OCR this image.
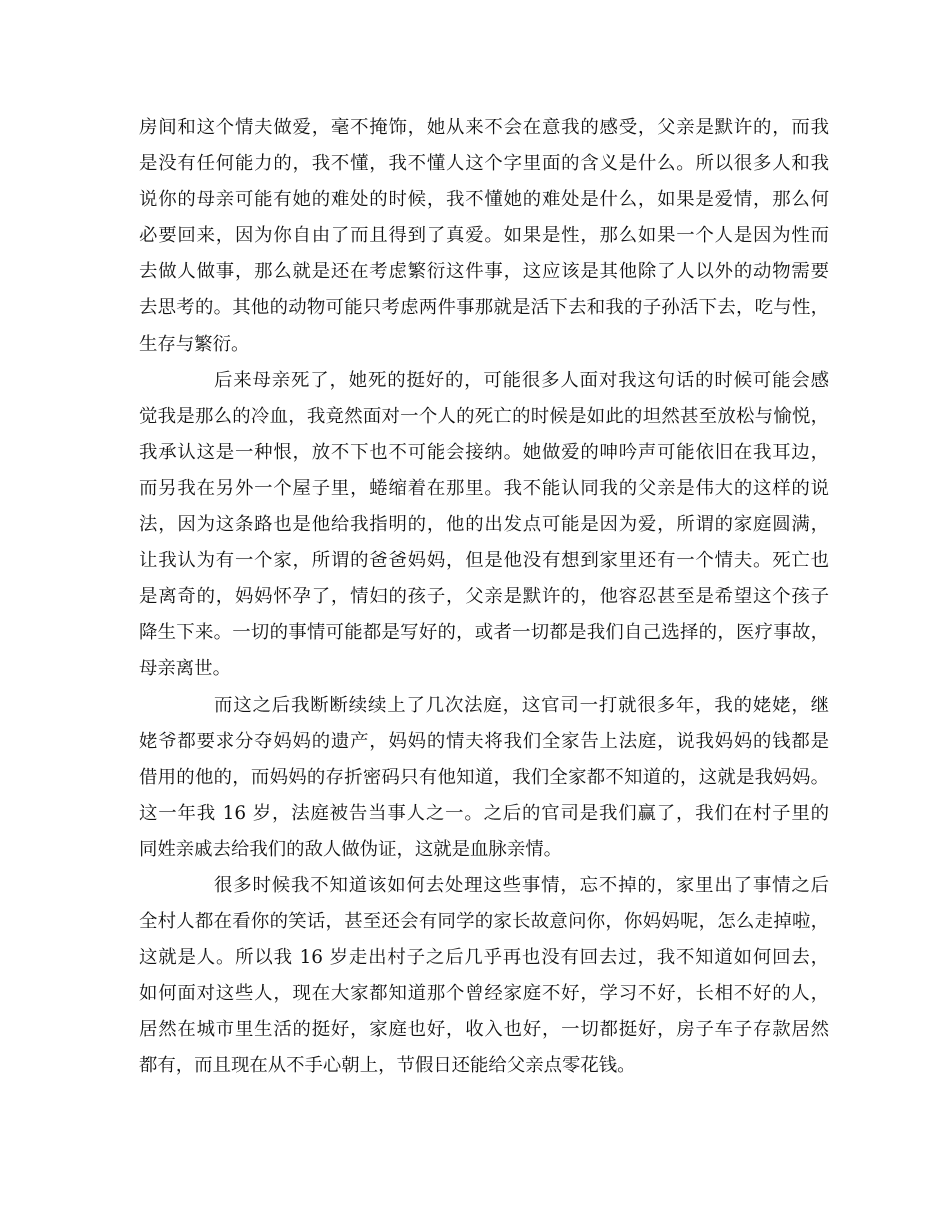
房间和这个情夫做爱，毫不掩饰，她从来不会在意我的感受，父亲是默许的，而我
是没有任何能力的，我不懂，我不懂人这个字里面的含义是什么。所以很多人和我
说你的母亲可能有她的难处的时候，我不懂她的难处是什么，如果是爱情，那么何
必要回来，因为你自由了而且得到了真爱。如果是性，那么如果一个人是因为性而
去做人做事，那么就是还在考虑繁衍这件事，这应该是其他除了人以外的动物需要
去思考的。其他的动物可能只考虑两件事那就是活下去和我的子孙活下去，吃与性，
生存与繁衍。
后来母亲死了，她死的挺好的，可能很多人面对我这句话的时候可能会感
觉我是那么的冷血，我竟然面对一个人的死亡的时候是如此的坦然甚至放松与愉悦，
我承认这是一种恨，放不下也不可能会接纳。她做爱的呻吟声可能依旧在我耳边，
而另我在另外一个屋子里，蜷缩着在那里。我不能认同我的父亲是伟大的这样的说
法，因为这条路也是他给我指明的，他的出发点可能是因为爱，所谓的家庭圆满，
让我认为有一个家，所谓的爸爸妈妈，但是他没有想到家里还有一个情夫。死亡也
是离奇的，妈妈怀孕了，情妇的孩子，父亲是默许的，他容忍甚至是希望这个孩子
降生下来。一切的事情可能都是写好的，或者一切都是我们自己选择的，医疗事故，
母亲离世。
而这之后我断断续续上了几次法庭，这官司一打就很多年，我的姥姥，继
姥爷都要求分夺妈妈的遗产，妈妈的情夫将我们全家告上法庭，说我妈妈的钱都是
借用的他的，而妈妈的存折密码只有他知道，我们全家都不知道的，这就是我妈妈。
这一年我 16 岁，法庭被告当事人之一。之后的官司是我们赢了，我们在村子里的
同姓亲戚去给我们的敌人做伪证，这就是血脉亲情。
很多时候我不知道该如何去处理这些事情，忘不掉的，家里出了事情之后
全村人都在看你的笑话，甚至还会有同学的家长故意问你，你妈妈呢，怎么走掉啦，
这就是人。所以我 16 岁走出村子之后几乎再也没有回去过，我不知道如何回去，
如何面对这些人，现在大家都知道那个曾经家庭不好，学习不好，长相不好的人，
居然在城市里生活的挺好，家庭也好，收入也好，一切都挺好，房子车子存款居然
都有，而且现在从不手心朝上，节假日还能给父亲点零花钱。
